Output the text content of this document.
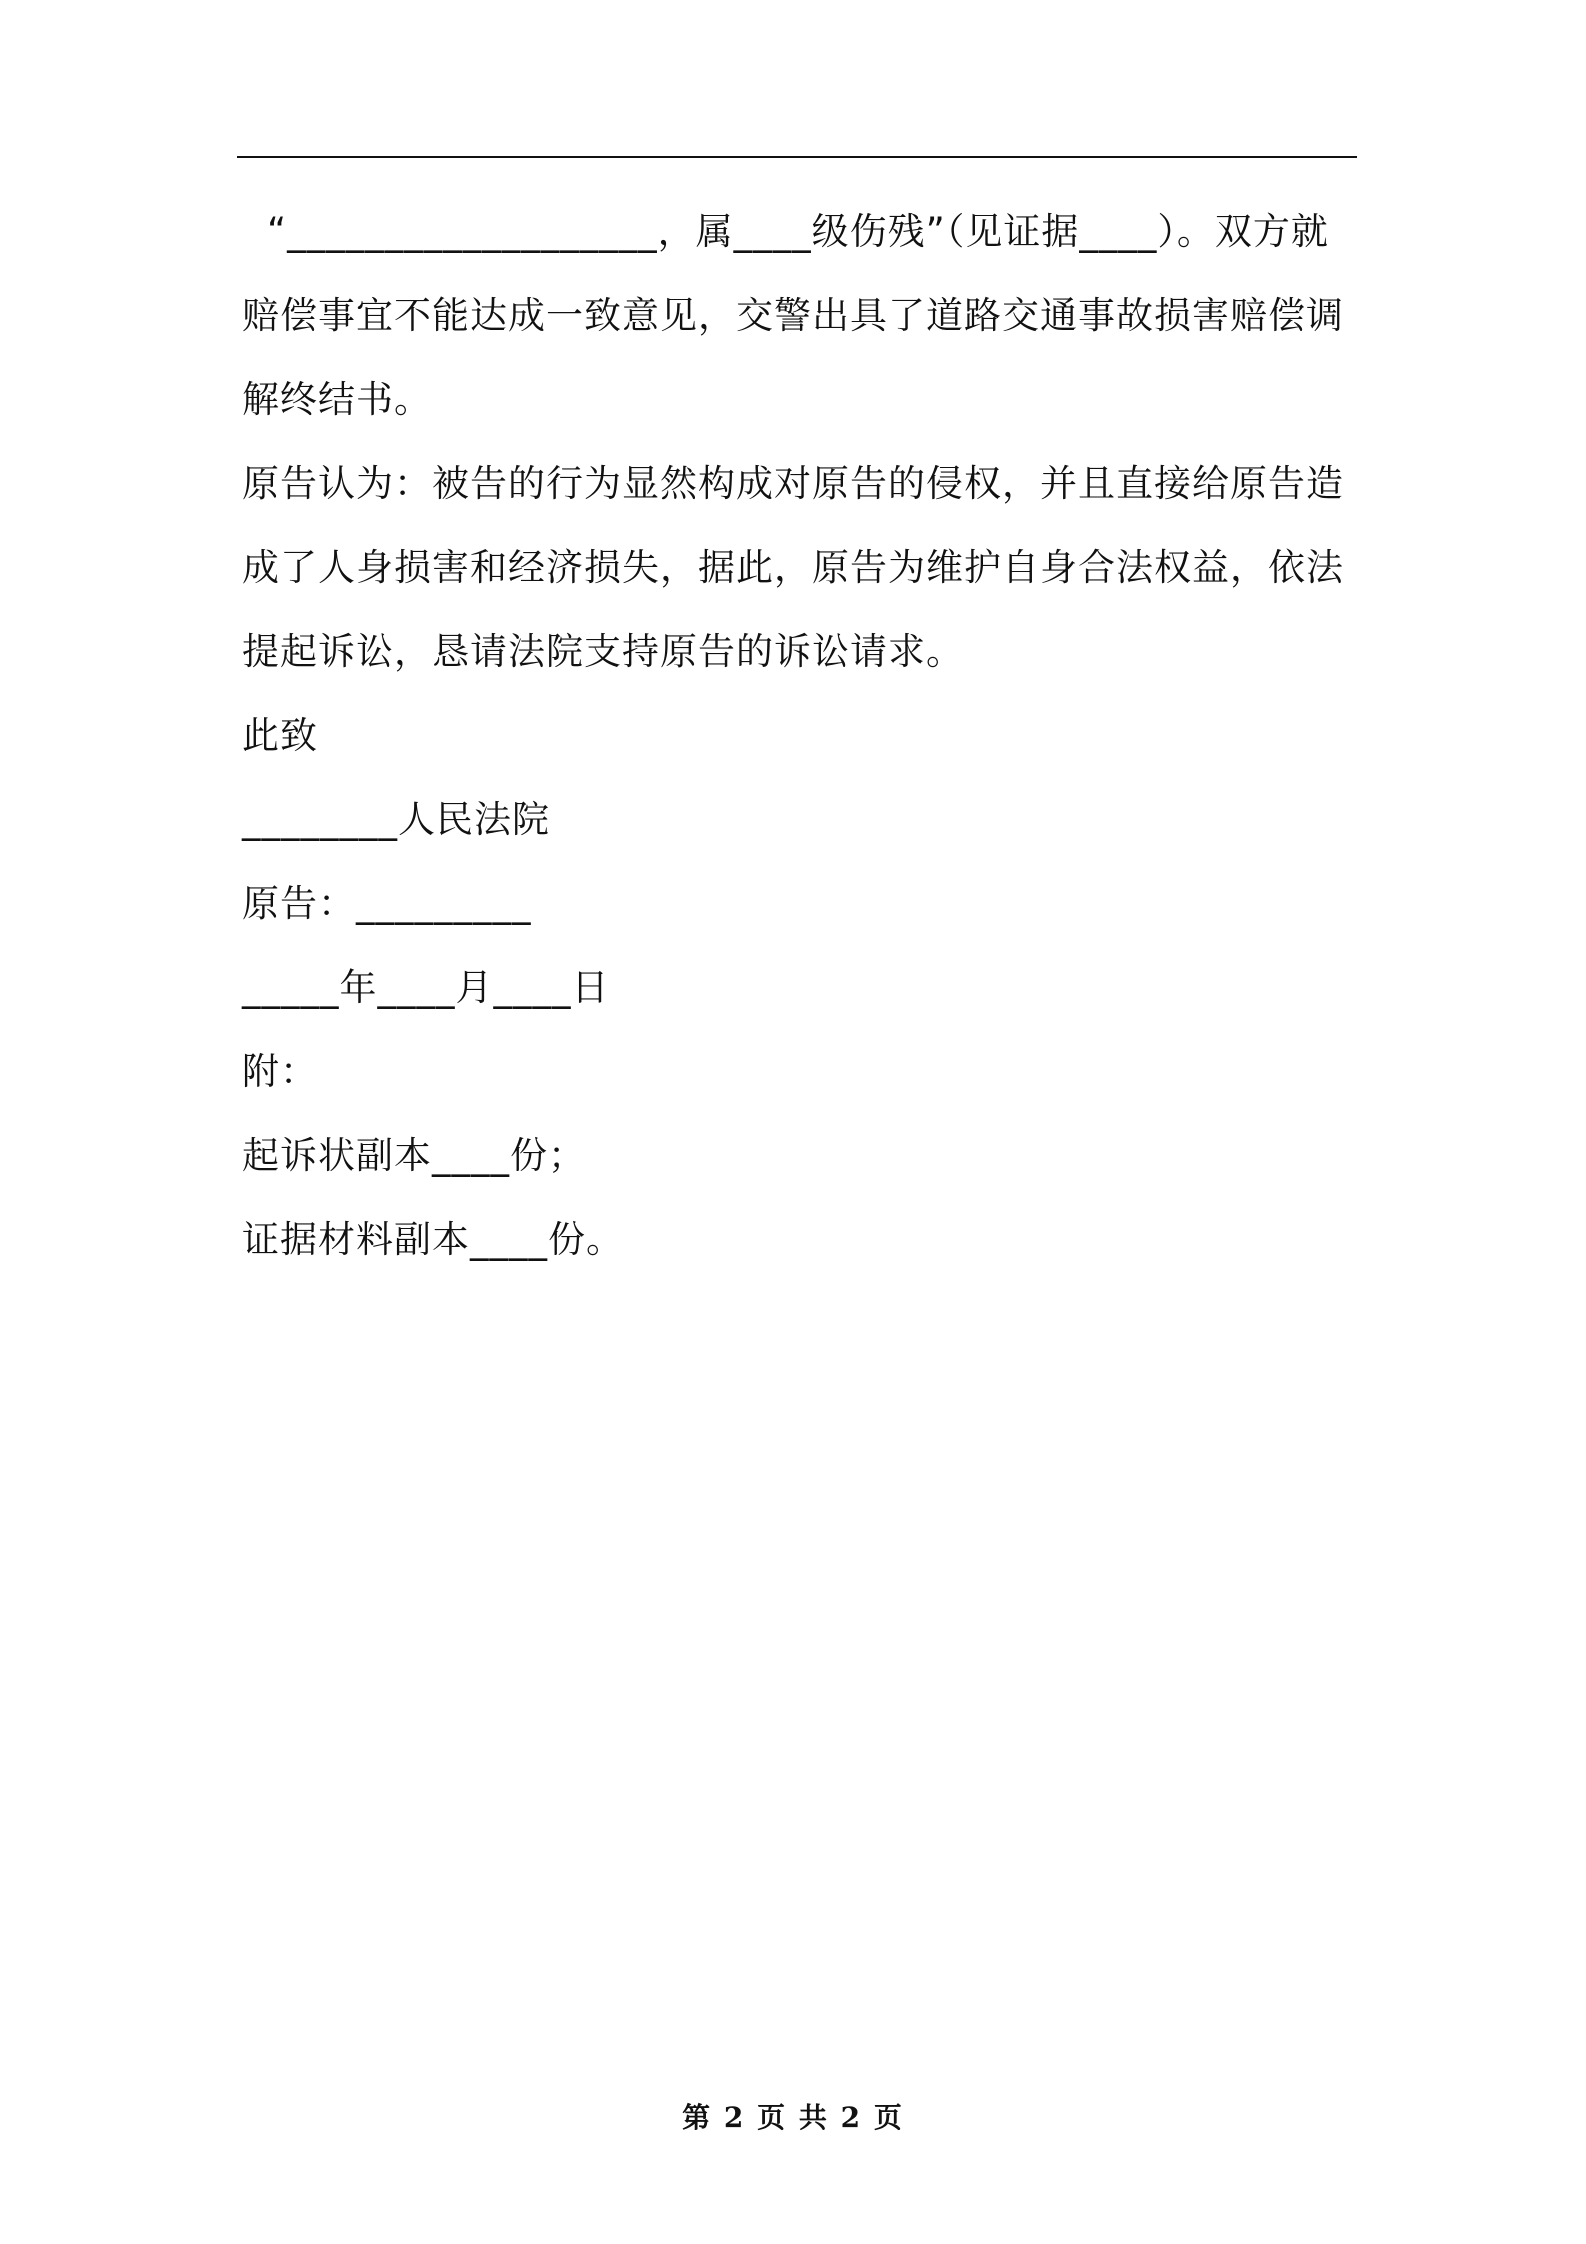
“___________________，属____级伤残”（见证据____）。双方就赔偿事宜不能达成一致意见，交警出具了道路交通事故损害赔偿调解终结书。

原告认为：被告的行为显然构成对原告的侵权，并且直接给原告造成了人身损害和经济损失，据此，原告为维护自身合法权益，依法提起诉讼，恳请法院支持原告的诉讼请求。

此致

________人民法院

原告：_________

_____年____月____日

附：

起诉状副本____份；

证据材料副本____份。

第 2 页 共 2 页
